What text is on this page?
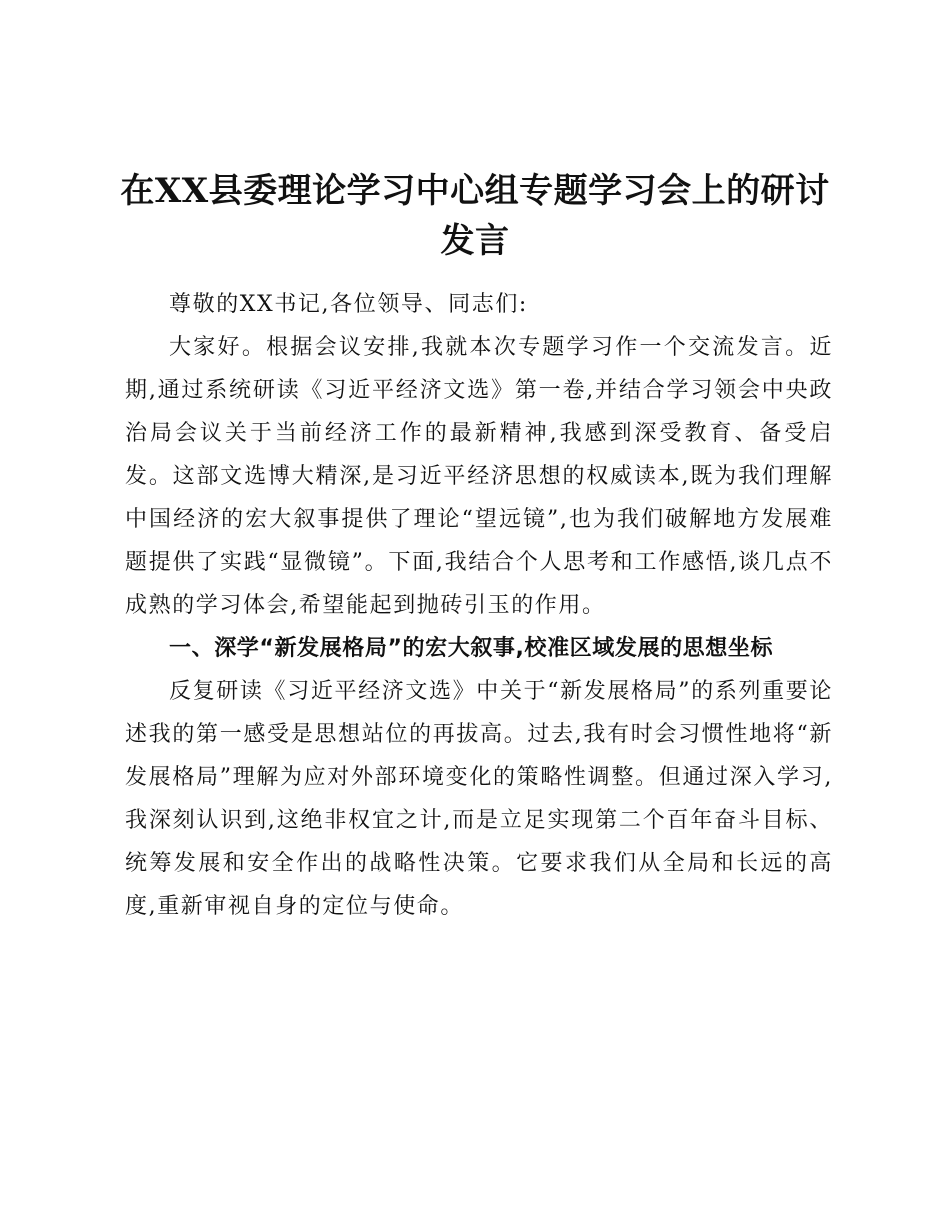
在XX县委理论学习中心组专题学习会上的研讨发言

尊敬的XX书记,各位领导、同志们:

大家好。根据会议安排,我就本次专题学习作一个交流发言。近期,通过系统研读《习近平经济文选》第一卷,并结合学习领会中央政治局会议关于当前经济工作的最新精神,我感到深受教育、备受启发。这部文选博大精深,是习近平经济思想的权威读本,既为我们理解中国经济的宏大叙事提供了理论“望远镜”,也为我们破解地方发展难题提供了实践“显微镜”。下面,我结合个人思考和工作感悟,谈几点不成熟的学习体会,希望能起到抛砖引玉的作用。

一、深学“新发展格局”的宏大叙事,校准区域发展的思想坐标

反复研读《习近平经济文选》中关于“新发展格局”的系列重要论述我的第一感受是思想站位的再拔高。过去,我有时会习惯性地将“新发展格局”理解为应对外部环境变化的策略性调整。但通过深入学习,我深刻认识到,这绝非权宜之计,而是立足实现第二个百年奋斗目标、统筹发展和安全作出的战略性决策。它要求我们从全局和长远的高度,重新审视自身的定位与使命。
